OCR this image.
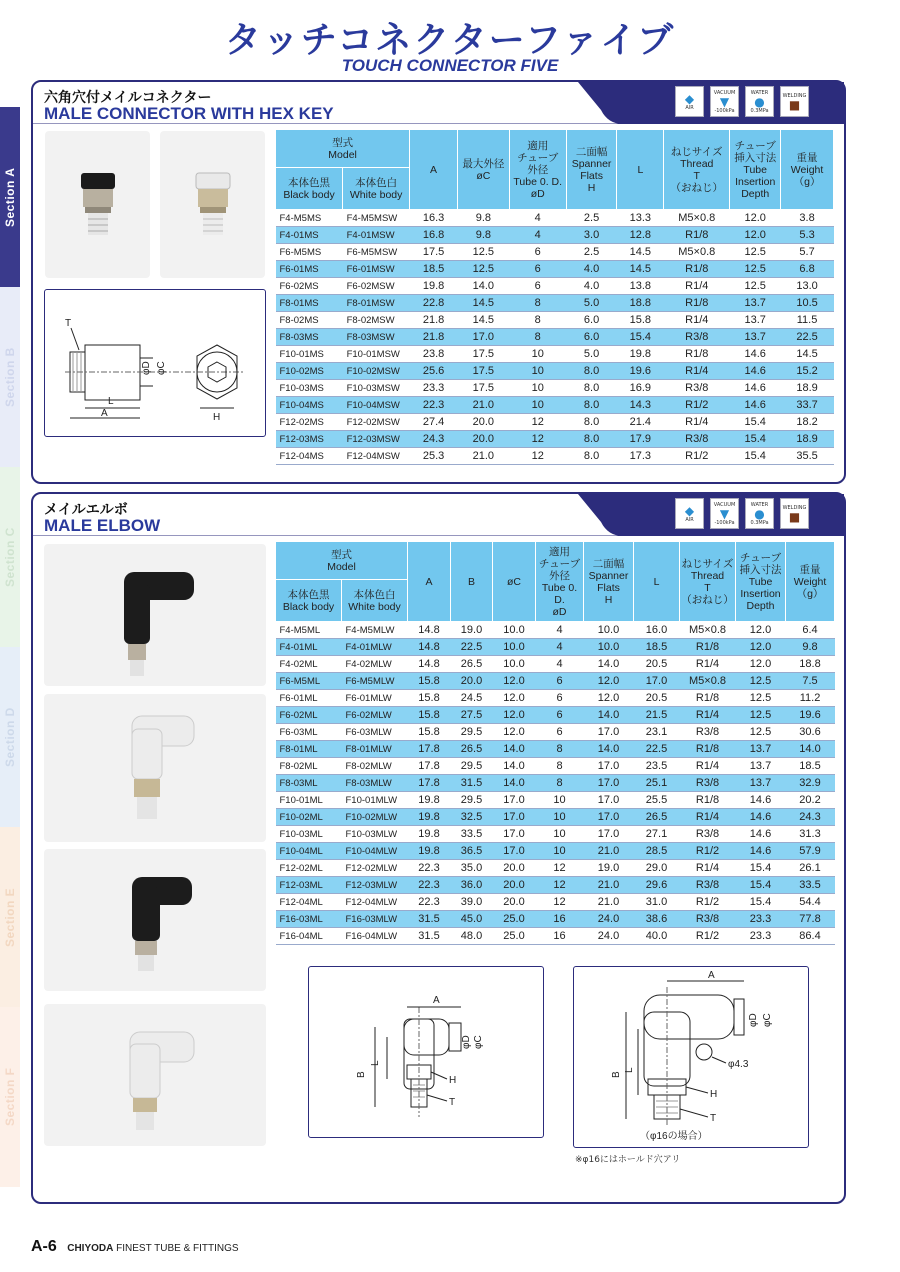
Section A
Section B
Section C
Section D
Section E
Section F
タッチコネクターファイブ
TOUCH CONNECTOR FIVE
六角穴付メイルコネクター
MALE CONNECTOR WITH HEX KEY
◆
AIR
VACUUM
▼
-100kPa
WATER
●
0.3MPa
WELDING
■
L
A
T
φD φC
H
型式
Model		A	最大外径
øC	適用
チューブ
外径
Tube 0. D.
øD	二面幅
Spanner
Flats
H	L	ねじサイズ
Thread
T
（おねじ）	チューブ
挿入寸法
Tube
Insertion
Depth	重量
Weight
（g）

本体色黒
Black body	本体色白
White body								

F4-M5MS	F4-M5MSW	16.3	9.8	4	2.5	13.3	M5×0.8	12.0	3.8
F4-01MS	F4-01MSW	16.8	9.8	4	3.0	12.8	R1/8	12.0	5.3
F6-M5MS	F6-M5MSW	17.5	12.5	6	2.5	14.5	M5×0.8	12.5	5.7
F6-01MS	F6-01MSW	18.5	12.5	6	4.0	14.5	R1/8	12.5	6.8
F6-02MS	F6-02MSW	19.8	14.0	6	4.0	13.8	R1/4	12.5	13.0
F8-01MS	F8-01MSW	22.8	14.5	8	5.0	18.8	R1/8	13.7	10.5
F8-02MS	F8-02MSW	21.8	14.5	8	6.0	15.8	R1/4	13.7	11.5
F8-03MS	F8-03MSW	21.8	17.0	8	6.0	15.4	R3/8	13.7	22.5
F10-01MS	F10-01MSW	23.8	17.5	10	5.0	19.8	R1/8	14.6	14.5
F10-02MS	F10-02MSW	25.6	17.5	10	8.0	19.6	R1/4	14.6	15.2
F10-03MS	F10-03MSW	23.3	17.5	10	8.0	16.9	R3/8	14.6	18.9
F10-04MS	F10-04MSW	22.3	21.0	10	8.0	14.3	R1/2	14.6	33.7
F12-02MS	F12-02MSW	27.4	20.0	12	8.0	21.4	R1/4	15.4	18.2
F12-03MS	F12-03MSW	24.3	20.0	12	8.0	17.9	R3/8	15.4	18.9
F12-04MS	F12-04MSW	25.3	21.0	12	8.0	17.3	R1/2	15.4	35.5
メイルエルボ
MALE ELBOW
◆
AIR
VACUUM
▼
-100kPa
WATER
●
0.3MPa
WELDING
■
型式
Model		A	B	øC	適用
チューブ
外径
Tube 0. D.
øD	二面幅
Spanner
Flats
H	L	ねじサイズ
Thread
T
（おねじ）	チューブ
挿入寸法
Tube
Insertion
Depth	重量
Weight
（g）

本体色黒
Black body	本体色白
White body									

F4-M5ML	F4-M5MLW	14.8	19.0	10.0	4	10.0	16.0	M5×0.8	12.0	6.4
F4-01ML	F4-01MLW	14.8	22.5	10.0	4	10.0	18.5	R1/8	12.0	9.8
F4-02ML	F4-02MLW	14.8	26.5	10.0	4	14.0	20.5	R1/4	12.0	18.8
F6-M5ML	F6-M5MLW	15.8	20.0	12.0	6	12.0	17.0	M5×0.8	12.5	7.5
F6-01ML	F6-01MLW	15.8	24.5	12.0	6	12.0	20.5	R1/8	12.5	11.2
F6-02ML	F6-02MLW	15.8	27.5	12.0	6	14.0	21.5	R1/4	12.5	19.6
F6-03ML	F6-03MLW	15.8	29.5	12.0	6	17.0	23.1	R3/8	12.5	30.6
F8-01ML	F8-01MLW	17.8	26.5	14.0	8	14.0	22.5	R1/8	13.7	14.0
F8-02ML	F8-02MLW	17.8	29.5	14.0	8	17.0	23.5	R1/4	13.7	18.5
F8-03ML	F8-03MLW	17.8	31.5	14.0	8	17.0	25.1	R3/8	13.7	32.9
F10-01ML	F10-01MLW	19.8	29.5	17.0	10	17.0	25.5	R1/8	14.6	20.2
F10-02ML	F10-02MLW	19.8	32.5	17.0	10	17.0	26.5	R1/4	14.6	24.3
F10-03ML	F10-03MLW	19.8	33.5	17.0	10	17.0	27.1	R3/8	14.6	31.3
F10-04ML	F10-04MLW	19.8	36.5	17.0	10	21.0	28.5	R1/2	14.6	57.9
F12-02ML	F12-02MLW	22.3	35.0	20.0	12	19.0	29.0	R1/4	15.4	26.1
F12-03ML	F12-03MLW	22.3	36.0	20.0	12	21.0	29.6	R3/8	15.4	33.5
F12-04ML	F12-04MLW	22.3	39.0	20.0	12	21.0	31.0	R1/2	15.4	54.4
F16-03ML	F16-03MLW	31.5	45.0	25.0	16	24.0	38.6	R3/8	23.3	77.8
F16-04ML	F16-04MLW	31.5	48.0	25.0	16	24.0	40.0	R1/2	23.3	86.4
A
B
L
φD φC
H
T
A
B
L
φD φC
φ4.3
H
T
（φ16の場合）
※φ16にはホールド穴アリ
A-6 CHIYODA FINEST TUBE & FITTINGS
